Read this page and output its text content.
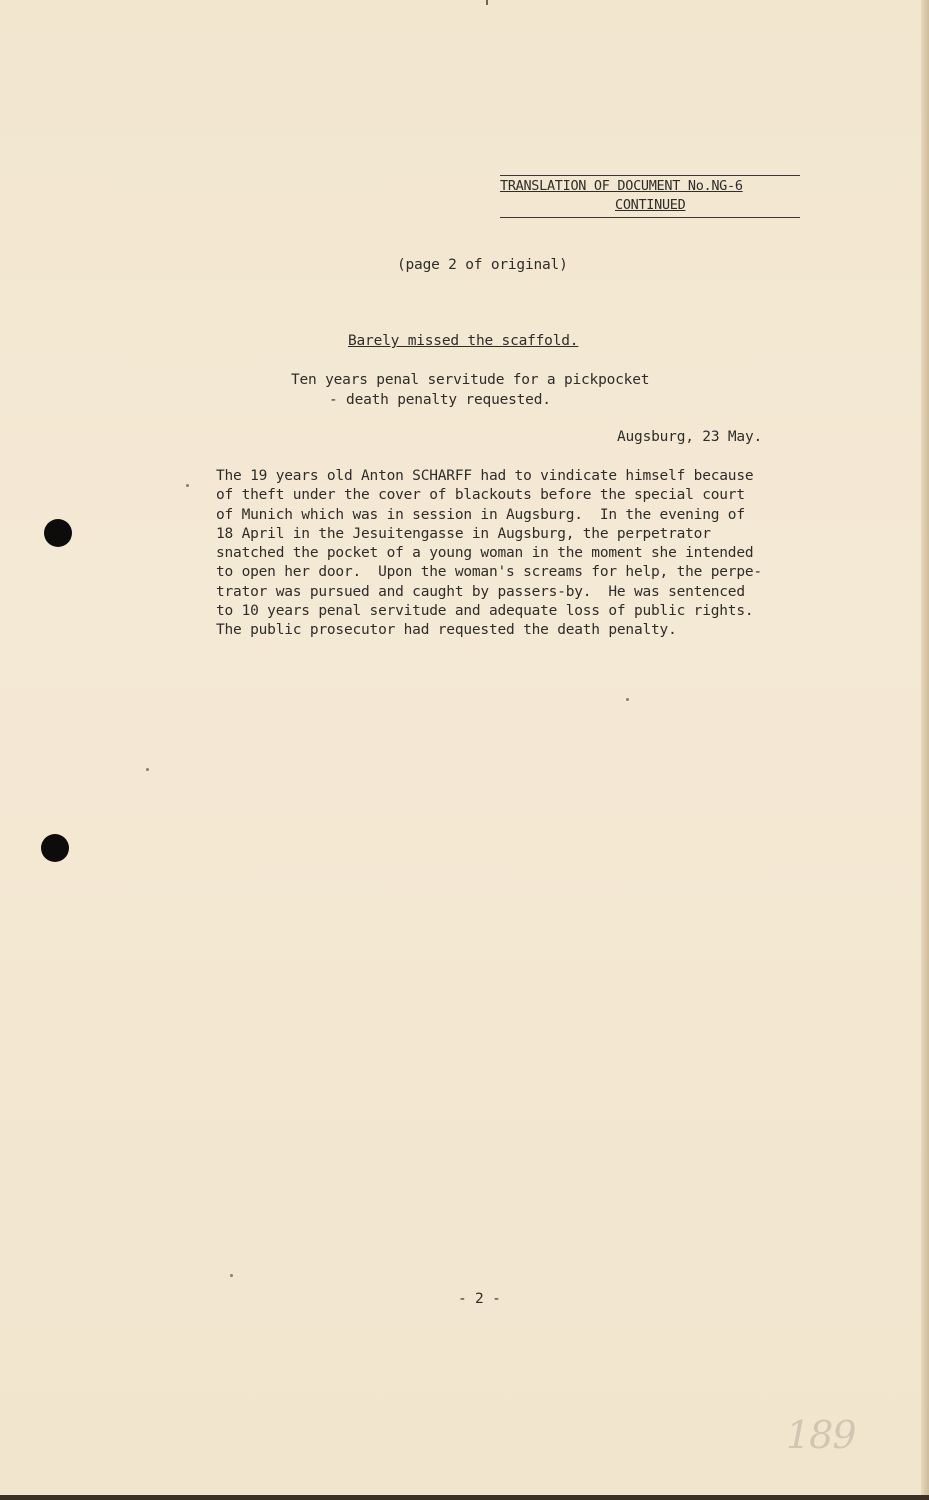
TRANSLATION OF DOCUMENT No.NG-6
CONTINUED
(page 2 of original)
Barely missed the scaffold.
Ten years penal servitude for a pickpocket
- death penalty requested.
Augsburg, 23 May.
The 19 years old Anton SCHARFF had to vindicate himself because
of theft under the cover of blackouts before the special court
of Munich which was in session in Augsburg.  In the evening of
18 April in the Jesuitengasse in Augsburg, the perpetrator
snatched the pocket of a young woman in the moment she intended
to open her door.  Upon the woman's screams for help, the perpe-
trator was pursued and caught by passers-by.  He was sentenced
to 10 years penal servitude and adequate loss of public rights.
The public prosecutor had requested the death penalty.
- 2 -
189
